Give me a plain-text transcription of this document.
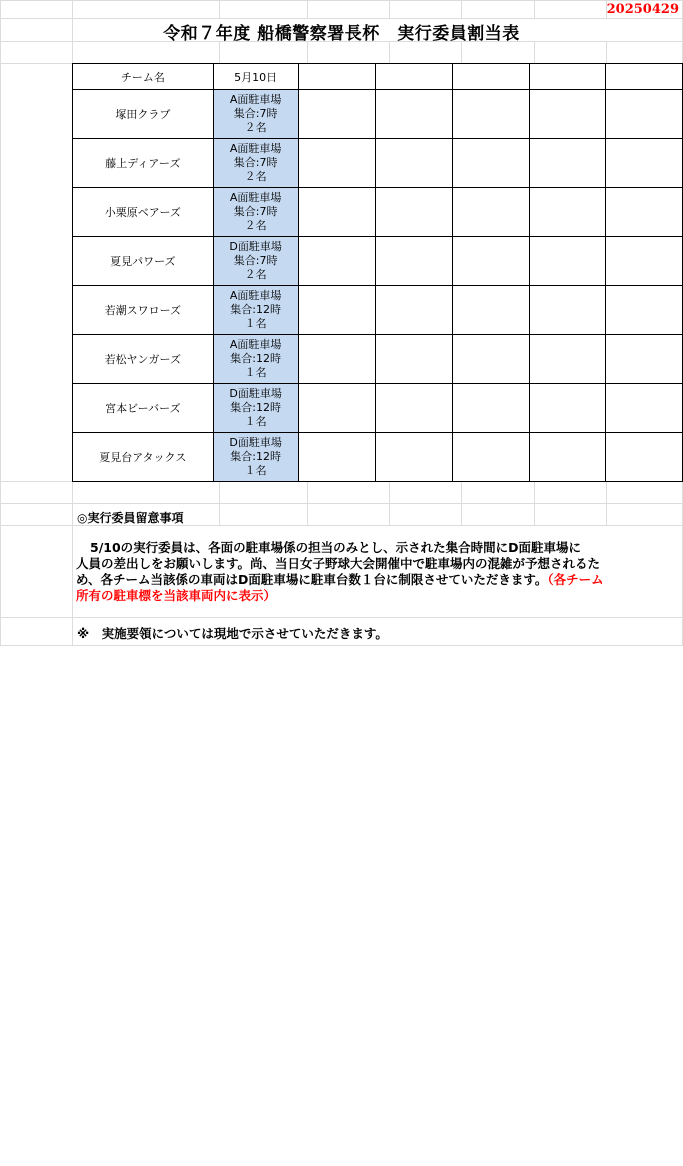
20250429
令和７年度 船橋警察署長杯　実行委員割当表
チーム名	5月10日					
塚田クラブ	A面駐車場
集合:7時
２名					

藤上ディアーズ	A面駐車場
集合:7時
２名					

小栗原ベアーズ	A面駐車場
集合:7時
２名					

夏見パワーズ	D面駐車場
集合:7時
２名					

若潮スワローズ	A面駐車場
集合:12時
１名					

若松ヤンガーズ	A面駐車場
集合:12時
１名					

宮本ビーバーズ	D面駐車場
集合:12時
１名					

夏見台アタックス	D面駐車場
集合:12時
１名					

◎実行委員留意事項
5/10の実行委員は、各面の駐車場係の担当のみとし、示された集合時間にD面駐車場に
人員の差出しをお願いします。尚、当日女子野球大会開催中で駐車場内の混雑が予想されるた
め、各チーム当該係の車両はD面駐車場に駐車台数１台に制限させていただきます。（各チーム
所有の駐車標を当該車両内に表示）
※　実施要領については現地で示させていただきます。
